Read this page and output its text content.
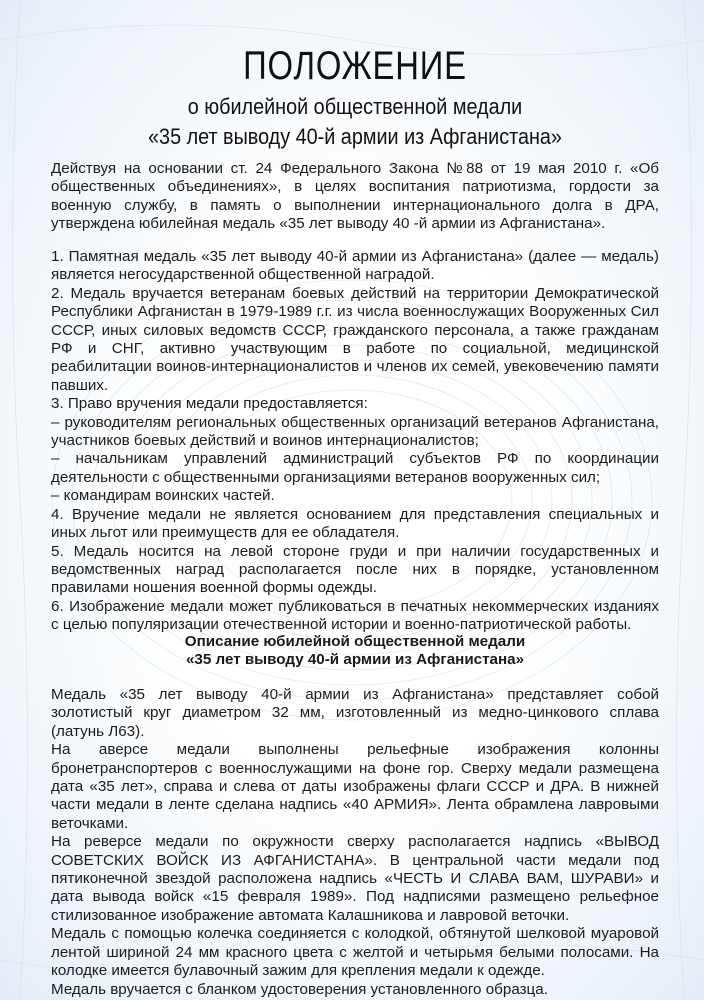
ПОЛОЖЕНИЕ
о юбилейной общественной медали
«35 лет выводу 40-й армии из Афганистана»
Действуя на основании ст. 24 Федерального Закона №88 от 19 мая 2010 г. «Об общественных объединениях», в целях воспитания патриотизма, гордости за военную службу, в память о выполнении интернационального долга в ДРА, утверждена юбилейная медаль «35 лет выводу 40 -й армии из Афганистана».

1. Памятная медаль «35 лет выводу 40-й армии из Афганистана» (далее — медаль) является негосударственной общественной наградой.

2. Медаль вручается ветеранам боевых действий на территории Демократической Республики Афганистан в 1979-1989 г.г. из числа военнослужащих Вооруженных Сил СССР, иных силовых ведомств СССР, гражданского персонала, а также гражданам РФ и СНГ, активно участвующим в работе по социальной, медицинской реабилитации воинов-интернационалистов и членов их семей, увековечению памяти павших.

3. Право вручения медали предоставляется:

– руководителям региональных общественных организаций ветеранов Афганистана, участников боевых действий и воинов интернационалистов;

– начальникам управлений администраций субъектов РФ по координации деятельности с общественными организациями ветеранов вооруженных сил;

– командирам воинских частей.

4. Вручение медали не является основанием для представления специальных и иных льгот или преимуществ для ее обладателя.

5. Медаль носится на левой стороне груди и при наличии государственных и ведомственных наград располагается после них в порядке, установленном правилами ношения военной формы одежды.

6. Изображение медали может публиковаться в печатных некоммерческих изданиях с целью популяризации отечественной истории и военно-патриотической работы.

Описание юбилейной общественной медали
«35 лет выводу 40-й армии из Афганистана»

Медаль «35 лет выводу 40-й армии из Афганистана» представляет собой золотистый круг диаметром 32 мм, изготовленный из медно-цинкового сплава (латунь Л63).

На аверсе медали выполнены рельефные изображения колонны бронетранспортеров с военнослужащими на фоне гор. Сверху медали размещена дата «35 лет», справа и слева от даты изображены флаги СССР и ДРА. В нижней части медали в ленте сделана надпись «40 АРМИЯ». Лента обрамлена лавровыми веточками.

На реверсе медали по окружности сверху располагается надпись «ВЫВОД СОВЕТСКИХ ВОЙСК ИЗ АФГАНИСТАНА». В центральной части медали под пятиконечной звездой расположена надпись «ЧЕСТЬ И СЛАВА ВАМ, ШУРАВИ» и дата вывода войск «15 февраля 1989». Под надписями размещено рельефное стилизованное изображение автомата Калашникова и лавровой веточки.

Медаль с помощью колечка соединяется с колодкой, обтянутой шелковой муаровой лентой шириной 24 мм красного цвета с желтой и четырьмя белыми полосами. На колодке имеется булавочный зажим для крепления медали к одежде.

Медаль вручается с бланком удостоверения установленного образца.
